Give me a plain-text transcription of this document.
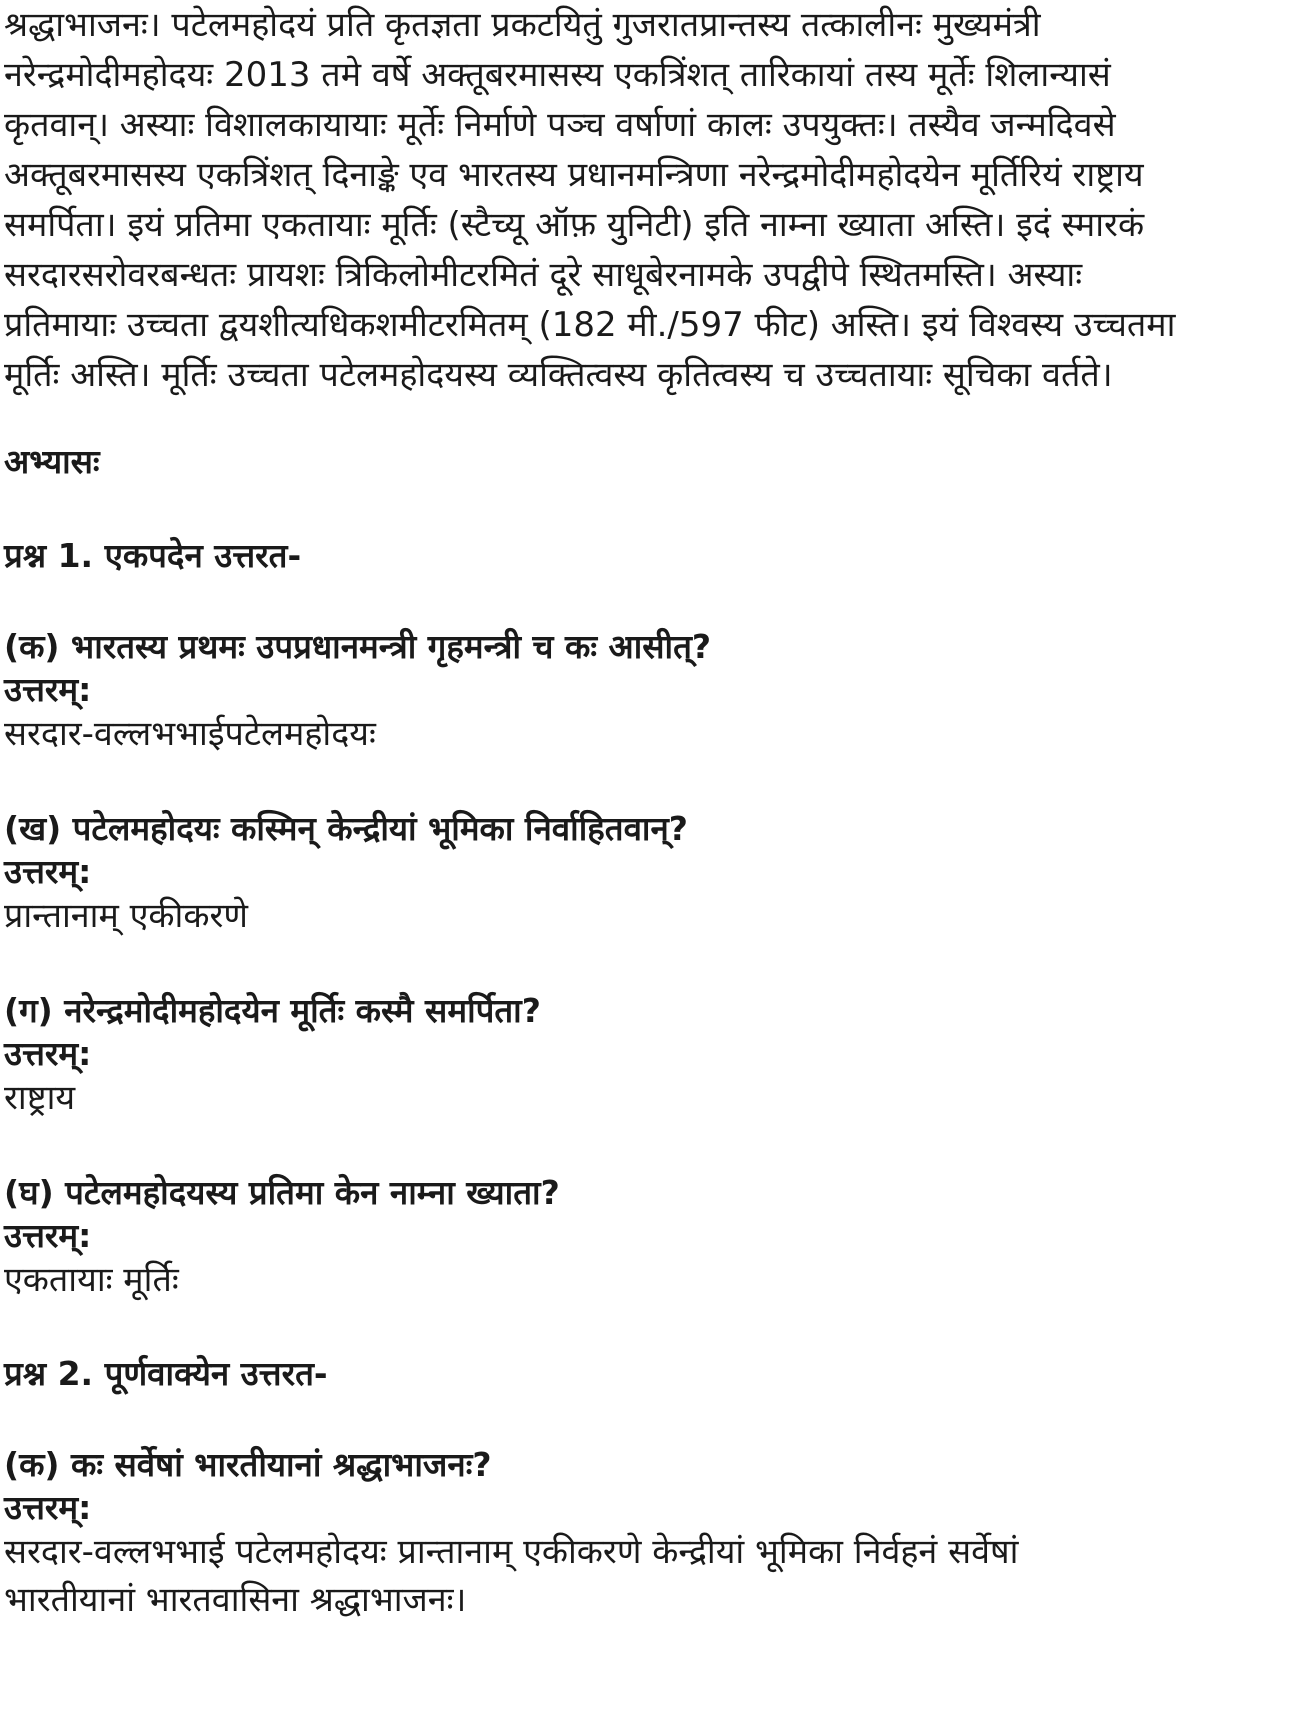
श्रद्धाभाजनः। पटेलमहोदयं प्रति कृतज्ञता प्रकटयितुं गुजरातप्रान्तस्य तत्कालीनः मुख्यमंत्री
नरेन्द्रमोदीमहोदयः 2013 तमे वर्षे अक्तूबरमासस्य एकत्रिंशत् तारिकायां तस्य मूर्तेः शिलान्यासं
कृतवान्। अस्याः विशालकायायाः मूर्तेः निर्माणे पञ्च वर्षाणां कालः उपयुक्तः। तस्यैव जन्मदिवसे
अक्तूबरमासस्य एकत्रिंशत् दिनाङ्के एव भारतस्य प्रधानमन्त्रिणा नरेन्द्रमोदीमहोदयेन मूर्तिरियं राष्ट्राय
समर्पिता। इयं प्रतिमा एकतायाः मूर्तिः (स्टैच्यू ऑफ़ युनिटी) इति नाम्ना ख्याता अस्ति। इदं स्मारकं
सरदारसरोवरबन्धतः प्रायशः त्रिकिलोमीटरमितं दूरे साधूबेरनामके उपद्वीपे स्थितमस्ति। अस्याः
प्रतिमायाः उच्चता द्वयशीत्यधिकशमीटरमितम् (182 मी./597 फीट) अस्ति। इयं विश्वस्य उच्चतमा
मूर्तिः अस्ति। मूर्तिः उच्चता पटेलमहोदयस्य व्यक्तित्वस्य कृतित्वस्य च उच्चतायाः सूचिका वर्तते।

अभ्यासः

प्रश्न 1. एकपदेन उत्तरत-

(क) भारतस्य प्रथमः उपप्रधानमन्त्री गृहमन्त्री च कः आसीत्?

उत्तरम्:

सरदार-वल्लभभाईपटेलमहोदयः

(ख) पटेलमहोदयः कस्मिन् केन्द्रीयां भूमिका निर्वाहितवान्?

उत्तरम्:

प्रान्तानाम् एकीकरणे

(ग) नरेन्द्रमोदीमहोदयेन मूर्तिः कस्मै समर्पिता?

उत्तरम्:

राष्ट्राय

(घ) पटेलमहोदयस्य प्रतिमा केन नाम्ना ख्याता?

उत्तरम्:

एकतायाः मूर्तिः

प्रश्न 2. पूर्णवाक्येन उत्तरत-

(क) कः सर्वेषां भारतीयानां श्रद्धाभाजनः?

उत्तरम्:

सरदार-वल्लभभाई पटेलमहोदयः प्रान्तानाम् एकीकरणे केन्द्रीयां भूमिका निर्वहनं सर्वेषां

भारतीयानां भारतवासिना श्रद्धाभाजनः।
